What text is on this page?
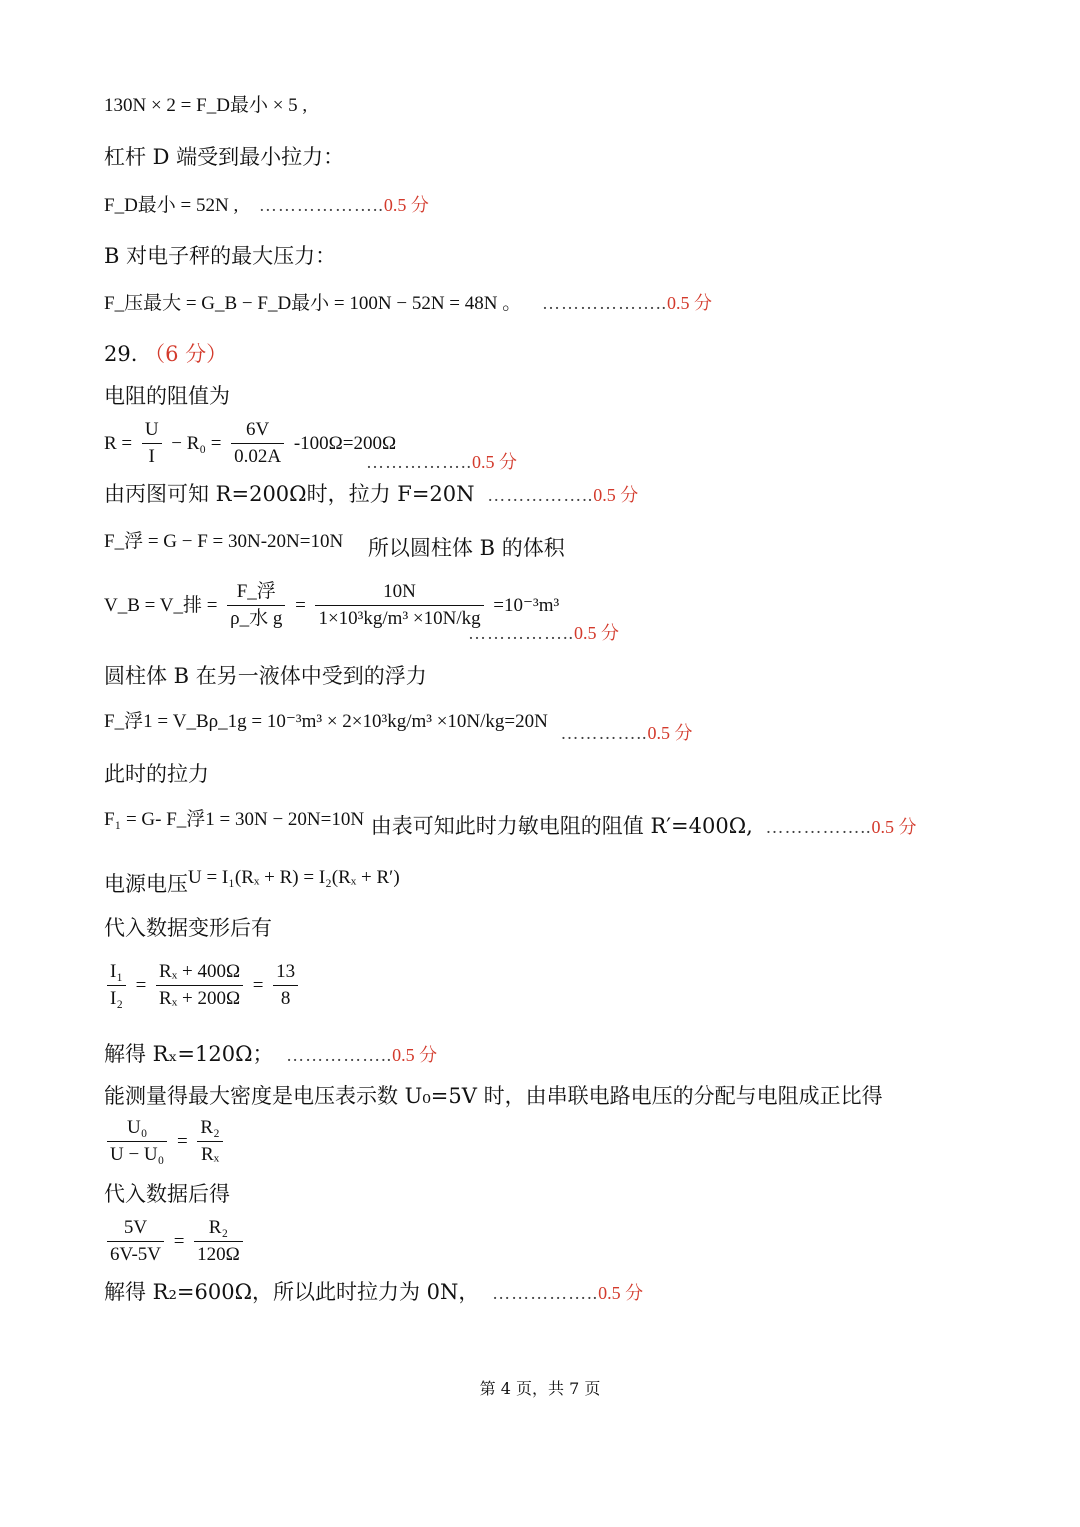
130N × 2 = F_D最小 × 5 ,
杠杆 D 端受到最小拉力：
F_D最小 = 52N , ………………..0.5 分
B 对电子秤的最大压力：
F_压最大 = G_B − F_D最小 = 100N − 52N = 48N 。 ………………..0.5 分
29. （6 分）
电阻的阻值为
$R = \frac{U}{I} - R_0 = \frac{6V}{0.02A} -100\Omega=200\Omega$
……………..0.5 分
由丙图可知 R=200Ω时，拉力 F=20N ……………..0.5 分
F_浮 = G − F = 30N-20N=10N 所以圆柱体 B 的体积
V_B = V_排 = $\frac{\text{F\_浮}}{\text{ρ\_水 g}} = \frac{10N}{\text{1×10³kg/m³ ×10N/kg}} =10^{-3}m^3$
……………..0.5 分
圆柱体 B 在另一液体中受到的浮力
F_浮1 = V_Bρ_1g = 10⁻³m³ × 2×10³kg/m³ ×10N/kg=20N …………..0.5 分
此时的拉力
F₁ = G- F_浮1 = 30N − 20N=10N 由表可知此时力敏电阻的阻值 R′=400Ω, ……………..0.5 分
电源电压U = I₁(Rₓ + R) = I₂(Rₓ + R′)
代入数据变形后有
$\frac{\text{I₁}}{\text{I₂}} = \frac{\text{Rₓ + 400Ω}}{\text{Rₓ + 200Ω}} = \frac{13}{8}$
解得 Rₓ=120Ω； ……………..0.5 分
能测量得最大密度是电压表示数 U₀=5V 时，由串联电路电压的分配与电阻成正比得
$\frac{\text{U₀}}{\text{U − U₀}} = \frac{\text{R₂}}{\text{Rₓ}}$
代入数据后得
$\frac{5V}{6V-5V} = \frac{\text{R₂}}{120\Omega}$
解得 R₂=600Ω，所以此时拉力为 0N， ……………..0.5 分
第 4 页，共 7 页
